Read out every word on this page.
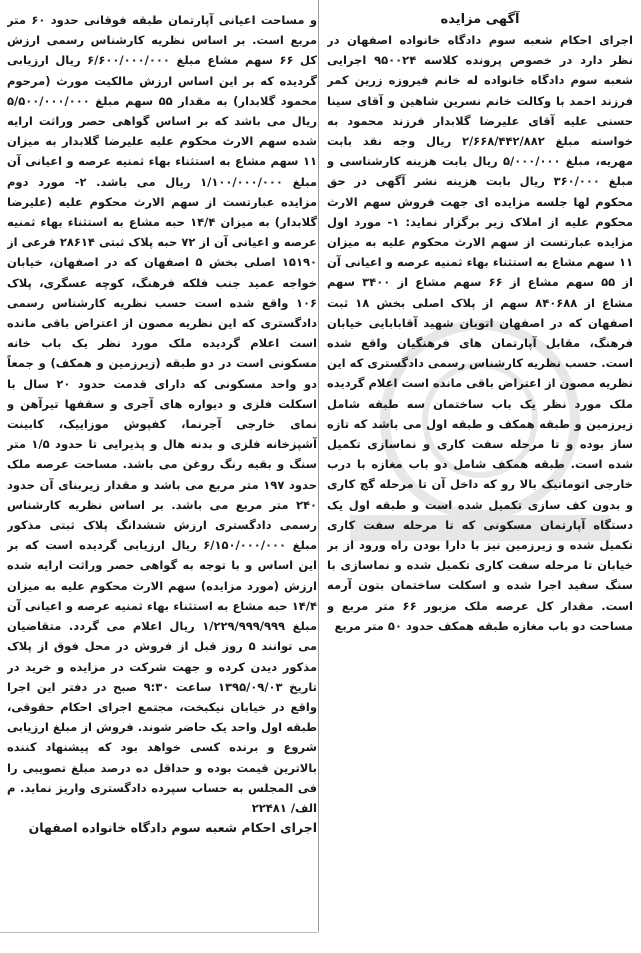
آگهی مزایده

اجرای احکام شعبه سوم دادگاه خانواده اصفهان در نظر دارد در خصوص پرونده کلاسه ۹۵۰۰۲۴ اجرایی شعبه سوم دادگاه خانواده له خانم فیروزه زرین کمر فرزند احمد با وکالت خانم نسرین شاهین و آقای سینا حسنی علیه آقای علیرضا گلابدار فرزند محمود به خواسته مبلغ ۲/۶۶۸/۴۴۲/۸۸۲ ریال وجه نقد بابت مهریه، مبلغ ۵/۰۰۰/۰۰۰ ریال بابت هزینه کارشناسی و مبلغ ۳۶۰/۰۰۰ ریال بابت هزینه نشر آگهی در حق محکوم لها جلسه مزایده ای جهت فروش سهم الارث محکوم علیه از املاک زیر برگزار نماید: ۱- مورد اول مزایده عبارتست از سهم الارث محکوم علیه به میزان ۱۱ سهم مشاع به استثناء بهاء ثمنیه عرصه و اعیانی آن از ۵۵ سهم مشاع از ۶۶ سهم مشاع از ۳۴۰۰ سهم مشاع از ۸۴۰۶۸۸ سهم از پلاک اصلی بخش ۱۸ ثبت اصفهان که در اصفهان اتوبان شهید آقابابایی خیابان فرهنگ، مقابل آپارتمان های فرهنگیان واقع شده است. حسب نظریه کارشناس رسمی دادگستری که این نظریه مصون از اعتراض باقی مانده است اعلام گردیده ملک مورد نظر یک باب ساختمان سه طبقه شامل زیرزمین و طبقه همکف و طبقه اول می باشد که تازه ساز بوده و تا مرحله سفت کاری و نماسازی تکمیل شده است. طبقه همکف شامل دو باب مغازه با درب خارجی اتوماتیک بالا رو که داخل آن تا مرحله گچ کاری و بدون کف سازی تکمیل شده است و طبقه اول یک دستگاه آپارتمان مسکونی که تا مرحله سفت کاری تکمیل شده و زیرزمین نیز با دارا بودن راه ورود از بر خیابان تا مرحله سفت کاری تکمیل شده و نماسازی با سنگ سفید اجرا شده و اسکلت ساختمان بتون آرمه است. مقدار کل عرصه ملک مزبور ۶۶ متر مربع و مساحت دو باب مغازه طبقه همکف حدود ۵۰ متر مربع

و مساحت اعیانی آپارتمان طبقه فوقانی حدود ۶۰ متر مربع است. بر اساس نظریه کارشناس رسمی ارزش کل ۶۶ سهم مشاع مبلغ ۶/۶۰۰/۰۰۰/۰۰۰ ریال ارزیابی گردیده که بر این اساس ارزش مالکیت مورث (مرحوم محمود گلابدار) به مقدار ۵۵ سهم مبلغ ۵/۵۰۰/۰۰۰/۰۰۰ ریال می باشد که بر اساس گواهی حصر وراثت ارایه شده سهم الارث محکوم علیه علیرضا گلابدار به میزان ۱۱ سهم مشاع به استثناء بهاء ثمنیه عرصه و اعیانی آن مبلغ ۱/۱۰۰/۰۰۰/۰۰۰ ریال می باشد. ۲- مورد دوم مزایده عبارتست از سهم الارث محکوم علیه (علیرضا گلابدار) به میزان ۱۴/۴ حبه مشاع به استثناء بهاء ثمنیه عرصه و اعیانی آن از ۷۲ حبه پلاک ثبتی ۲۸۶۱۴ فرعی از ۱۵۱۹۰ اصلی بخش ۵ اصفهان که در اصفهان، خیابان خواجه عمید جنب فلکه فرهنگ، کوچه عسگری، پلاک ۱۰۶ واقع شده است حسب نظریه کارشناس رسمی دادگستری که این نظریه مصون از اعتراض باقی مانده است اعلام گردیده ملک مورد نظر یک باب خانه مسکونی است در دو طبقه (زیرزمین و همکف) و جمعاً دو واحد مسکونی که دارای قدمت حدود ۲۰ سال با اسکلت فلزی و دیواره های آجری و سقفها تیرآهن و نمای خارجی آجرنما، کفپوش موزاییک، کابینت آشپزخانه فلزی و بدنه هال و پذیرایی تا حدود ۱/۵ متر سنگ و بقیه رنگ روغن می باشد. مساحت عرصه ملک حدود ۱۹۷ متر مربع می باشد و مقدار زیربنای آن حدود ۲۴۰ متر مربع می باشد. بر اساس نظریه کارشناس رسمی دادگستری ارزش ششدانگ پلاک ثبتی مذکور مبلغ ۶/۱۵۰/۰۰۰/۰۰۰ ریال ارزیابی گردیده است که بر این اساس و با توجه به گواهی حصر وراثت ارایه شده ارزش (مورد مزایده) سهم الارث محکوم علیه به میزان ۱۴/۴ حبه مشاع به استثناء بهاء ثمنیه عرصه و اعیانی آن مبلغ ۱/۲۲۹/۹۹۹/۹۹۹ ریال اعلام می گردد. متقاضیان می توانند ۵ روز قبل از فروش در محل فوق از پلاک مذکور دیدن کرده و جهت شرکت در مزایده و خرید در تاریخ ۱۳۹۵/۰۹/۰۳ ساعت ۹:۳۰ صبح در دفتر این اجرا واقع در خیابان نیکبخت، مجتمع اجرای احکام حقوقی، طبقه اول واحد یک حاضر شوند. فروش از مبلغ ارزیابی شروع و برنده کسی خواهد بود که پیشنهاد کننده بالاترین قیمت بوده و حداقل ده درصد مبلغ تصویبی را فی المجلس به حساب سپرده دادگستری واریز نماید. م الف/ ۲۲۴۸۱

اجرای احکام شعبه سوم دادگاه خانواده اصفهان
